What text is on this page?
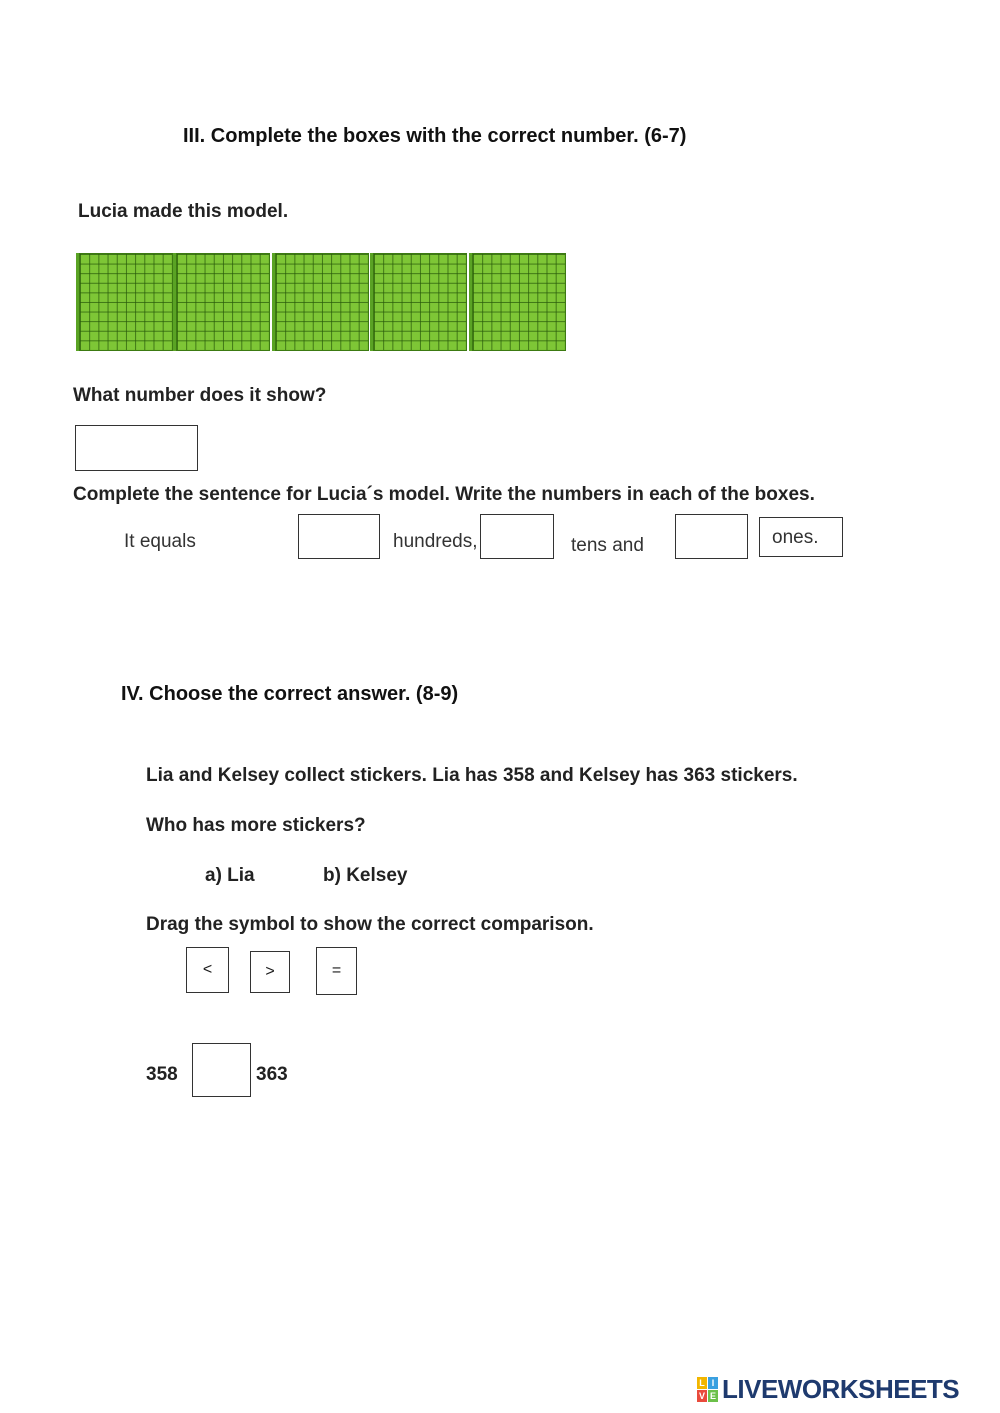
III. Complete the boxes with the correct number. (6-7)
Lucia made this model.
What number does it show?
Complete the sentence for Lucia´s model. Write the numbers in each of the boxes.
It equals	hundreds,	tens and	ones.
IV. Choose the correct answer. (8-9)
Lia and Kelsey collect stickers. Lia has 358 and Kelsey has 363 stickers.
Who has more stickers?
a) Lia	b) Kelsey
Drag the symbol to show the correct comparison.
<	>	=
358	363
L I
V E LIVEWORKSHEETS
